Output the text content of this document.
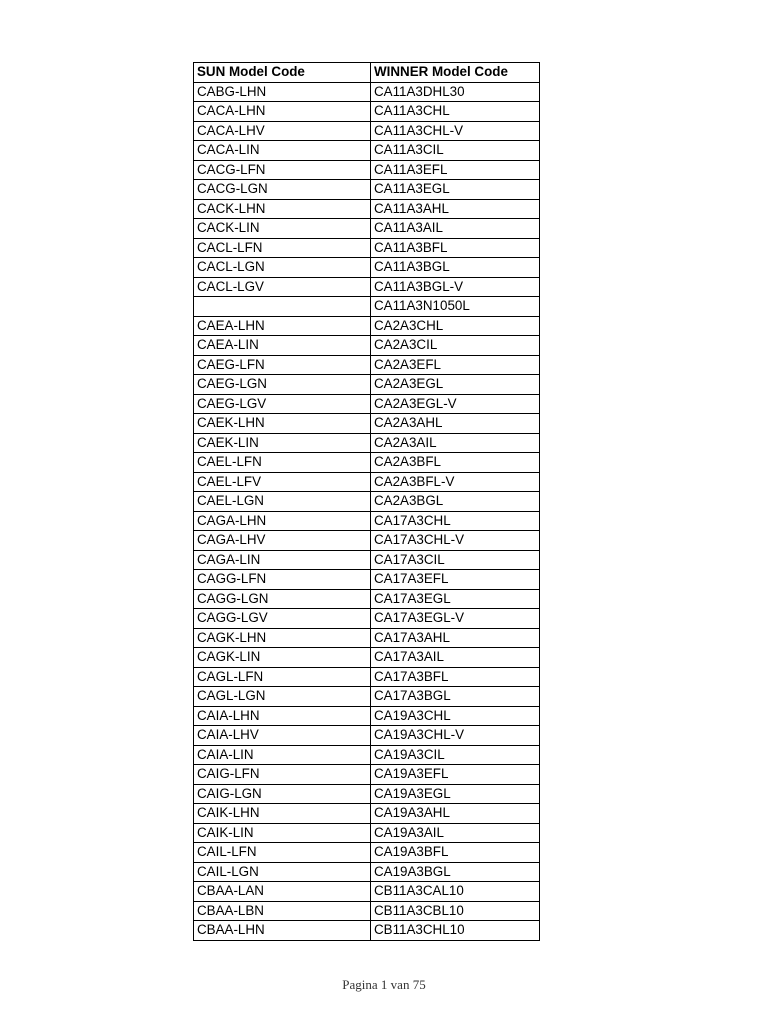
SUN Model Code	WINNER Model Code
CABG-LHN	CA11A3DHL30
CACA-LHN	CA11A3CHL
CACA-LHV	CA11A3CHL-V
CACA-LIN	CA11A3CIL
CACG-LFN	CA11A3EFL
CACG-LGN	CA11A3EGL
CACK-LHN	CA11A3AHL
CACK-LIN	CA11A3AIL
CACL-LFN	CA11A3BFL
CACL-LGN	CA11A3BGL
CACL-LGV	CA11A3BGL-V
	CA11A3N1050L
CAEA-LHN	CA2A3CHL
CAEA-LIN	CA2A3CIL
CAEG-LFN	CA2A3EFL
CAEG-LGN	CA2A3EGL
CAEG-LGV	CA2A3EGL-V
CAEK-LHN	CA2A3AHL
CAEK-LIN	CA2A3AIL
CAEL-LFN	CA2A3BFL
CAEL-LFV	CA2A3BFL-V
CAEL-LGN	CA2A3BGL
CAGA-LHN	CA17A3CHL
CAGA-LHV	CA17A3CHL-V
CAGA-LIN	CA17A3CIL
CAGG-LFN	CA17A3EFL
CAGG-LGN	CA17A3EGL
CAGG-LGV	CA17A3EGL-V
CAGK-LHN	CA17A3AHL
CAGK-LIN	CA17A3AIL
CAGL-LFN	CA17A3BFL
CAGL-LGN	CA17A3BGL
CAIA-LHN	CA19A3CHL
CAIA-LHV	CA19A3CHL-V
CAIA-LIN	CA19A3CIL
CAIG-LFN	CA19A3EFL
CAIG-LGN	CA19A3EGL
CAIK-LHN	CA19A3AHL
CAIK-LIN	CA19A3AIL
CAIL-LFN	CA19A3BFL
CAIL-LGN	CA19A3BGL
CBAA-LAN	CB11A3CAL10
CBAA-LBN	CB11A3CBL10
CBAA-LHN	CB11A3CHL10
Pagina 1 van 75
